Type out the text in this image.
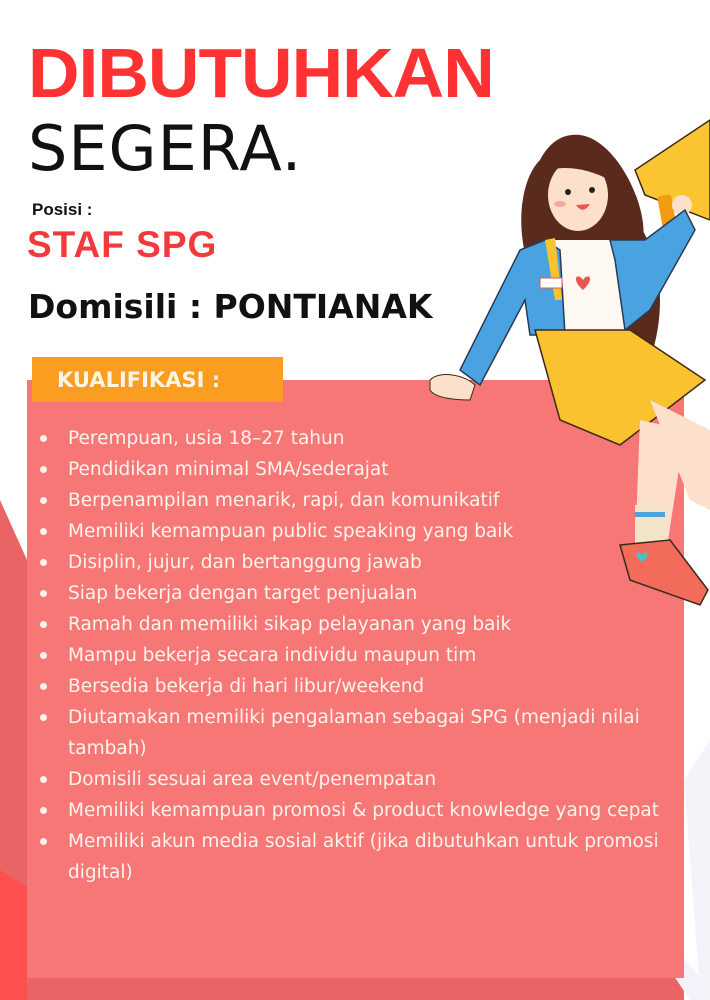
DIBUTUHKAN
SEGERA.
Posisi :
STAF SPG
Domisili : PONTIANAK
KUALIFIKASI :
Perempuan, usia 18–27 tahun
Pendidikan minimal SMA/sederajat
Berpenampilan menarik, rapi, dan komunikatif
Memiliki kemampuan public speaking yang baik
Disiplin, jujur, dan bertanggung jawab
Siap bekerja dengan target penjualan
Ramah dan memiliki sikap pelayanan yang baik
Mampu bekerja secara individu maupun tim
Bersedia bekerja di hari libur/weekend
Diutamakan memiliki pengalaman sebagai SPG (menjadi nilai tambah)
Domisili sesuai area event/penempatan
Memiliki kemampuan promosi & product knowledge yang cepat
Memiliki akun media sosial aktif (jika dibutuhkan untuk promosi digital)
